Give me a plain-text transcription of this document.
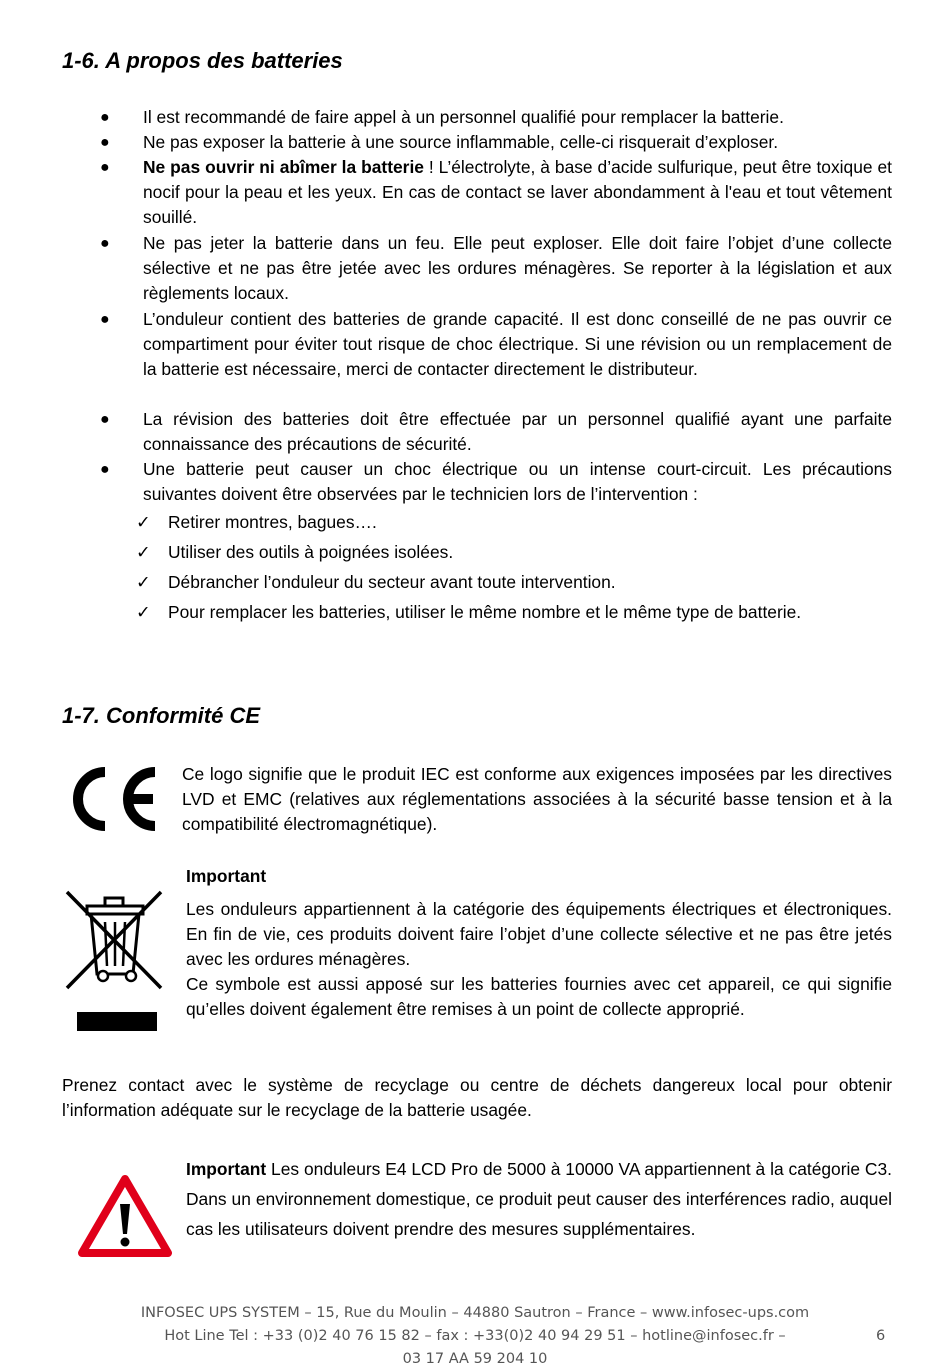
1-6. A propos des batteries
●	Il est recommandé de faire appel à un personnel qualifié pour remplacer la batterie.
●	Ne pas exposer la batterie à une source inflammable, celle-ci risquerait d’exploser.
●	Ne pas ouvrir ni abîmer la batterie ! L’électrolyte, à base d’acide sulfurique, peut être toxique et nocif pour la peau et les yeux. En cas de contact se laver abondamment à l'eau et tout vêtement souillé.
●	Ne pas jeter la batterie dans un feu. Elle peut exploser. Elle doit faire l’objet d’une collecte sélective et ne pas être jetée avec les ordures ménagères. Se reporter à la législation et aux règlements locaux.
●	L’onduleur contient des batteries de grande capacité. Il est donc conseillé de ne pas ouvrir ce compartiment pour éviter tout risque de choc électrique. Si une révision ou un remplacement de la batterie est nécessaire, merci de contacter directement le distributeur.
●	La révision des batteries doit être effectuée par un personnel qualifié ayant une parfaite connaissance des précautions de sécurité.
●	Une batterie peut causer un choc électrique ou un intense court-circuit. Les précautions suivantes doivent être observées par le technicien lors de l’intervention :
✓ Retirer montres, bagues….
✓ Utiliser des outils à poignées isolées.
✓ Débrancher l’onduleur du secteur avant toute intervention.
✓ Pour remplacer les batteries, utiliser le même nombre et le même type de batterie.
1-7. Conformité CE
Ce logo signifie que le produit IEC est conforme aux exigences imposées par les directives LVD et EMC (relatives aux réglementations associées à la sécurité basse tension et à la compatibilité électromagnétique).
Important
Les onduleurs appartiennent à la catégorie des équipements électriques et électroniques. En fin de vie, ces produits doivent faire l’objet d’une collecte sélective et ne pas être jetés avec les ordures ménagères.
Ce symbole est aussi apposé sur les batteries fournies avec cet appareil, ce qui signifie qu’elles doivent également être remises à un point de collecte approprié.
Prenez contact avec le système de recyclage ou centre de déchets dangereux local pour obtenir l’information adéquate sur le recyclage de la batterie usagée.
Important Les onduleurs E4 LCD Pro de 5000 à 10000 VA appartiennent à la catégorie C3. Dans un environnement domestique, ce produit peut causer des interférences radio, auquel cas les utilisateurs doivent prendre des mesures supplémentaires.
INFOSEC UPS SYSTEM – 15, Rue du Moulin – 44880 Sautron – France – www.infosec-ups.com
Hot Line Tel : +33 (0)2 40 76 15 82 – fax : +33(0)2 40 94 29 51 – hotline@infosec.fr –
03 17 AA 59 204 10
6
